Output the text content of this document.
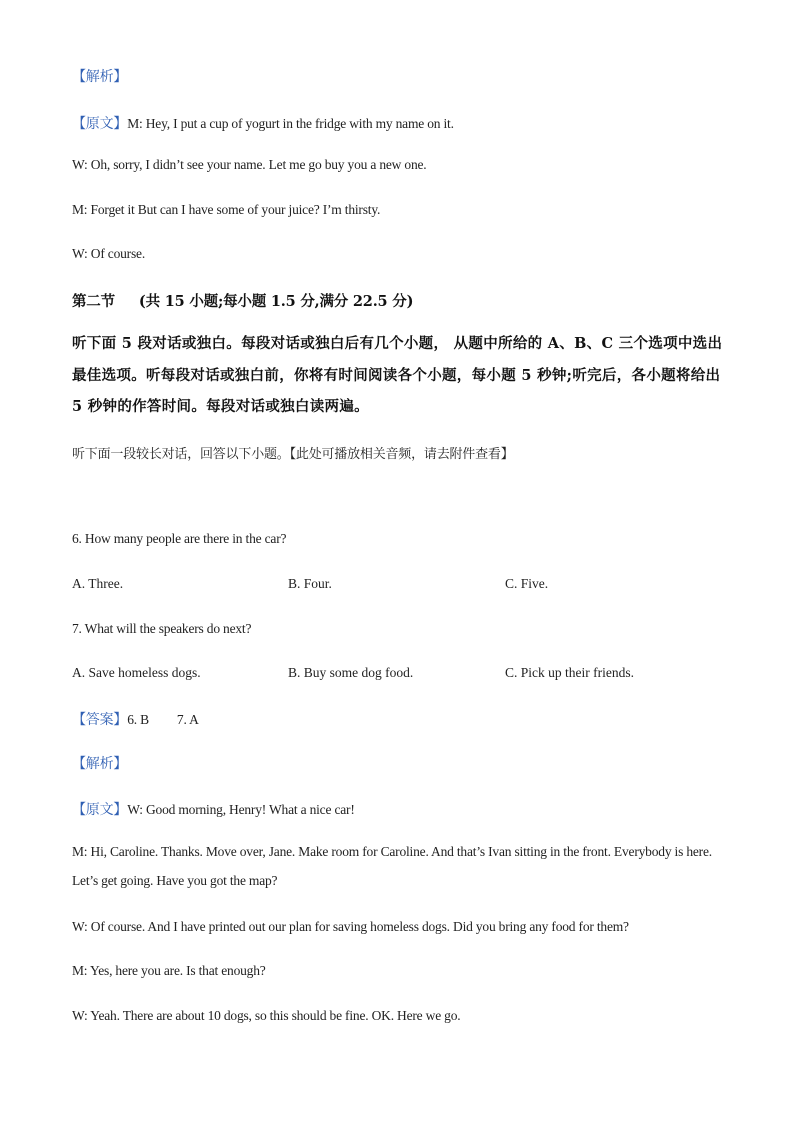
【解析】
【原文】M: Hey, I put a cup of yogurt in the fridge with my name on it.
W: Oh, sorry, I didn’t see your name. Let me go buy you a new one.
M: Forget it But can I have some of your juice? I’m thirsty.
W: Of course.
第二节 (共 15 小题;每小题 1.5 分,满分 22.5 分)
听下面 5 段对话或独白。每段对话或独白后有几个小题， 从题中所给的 A、B、C 三个选项中选出最佳选项。听每段对话或独白前，你将有时间阅读各个小题，每小题 5 秒钟;听完后，各小题将给出 5 秒钟的作答时间。每段对话或独白读两遍。
听下面一段较长对话，回答以下小题。【此处可播放相关音频，请去附件查看】
6. How many people are there in the car?
A. Three.	B. Four.	C. Five.
7. What will the speakers do next?
A. Save homeless dogs.	B. Buy some dog food.	C. Pick up their friends.
【答案】6. B 7. A
【解析】
【原文】W: Good morning, Henry! What a nice car!
M: Hi, Caroline. Thanks. Move over, Jane. Make room for Caroline. And that’s Ivan sitting in the front. Everybody is here. Let’s get going. Have you got the map?
W: Of course. And I have printed out our plan for saving homeless dogs. Did you bring any food for them?
M: Yes, here you are. Is that enough?
W: Yeah. There are about 10 dogs, so this should be fine. OK. Here we go.
